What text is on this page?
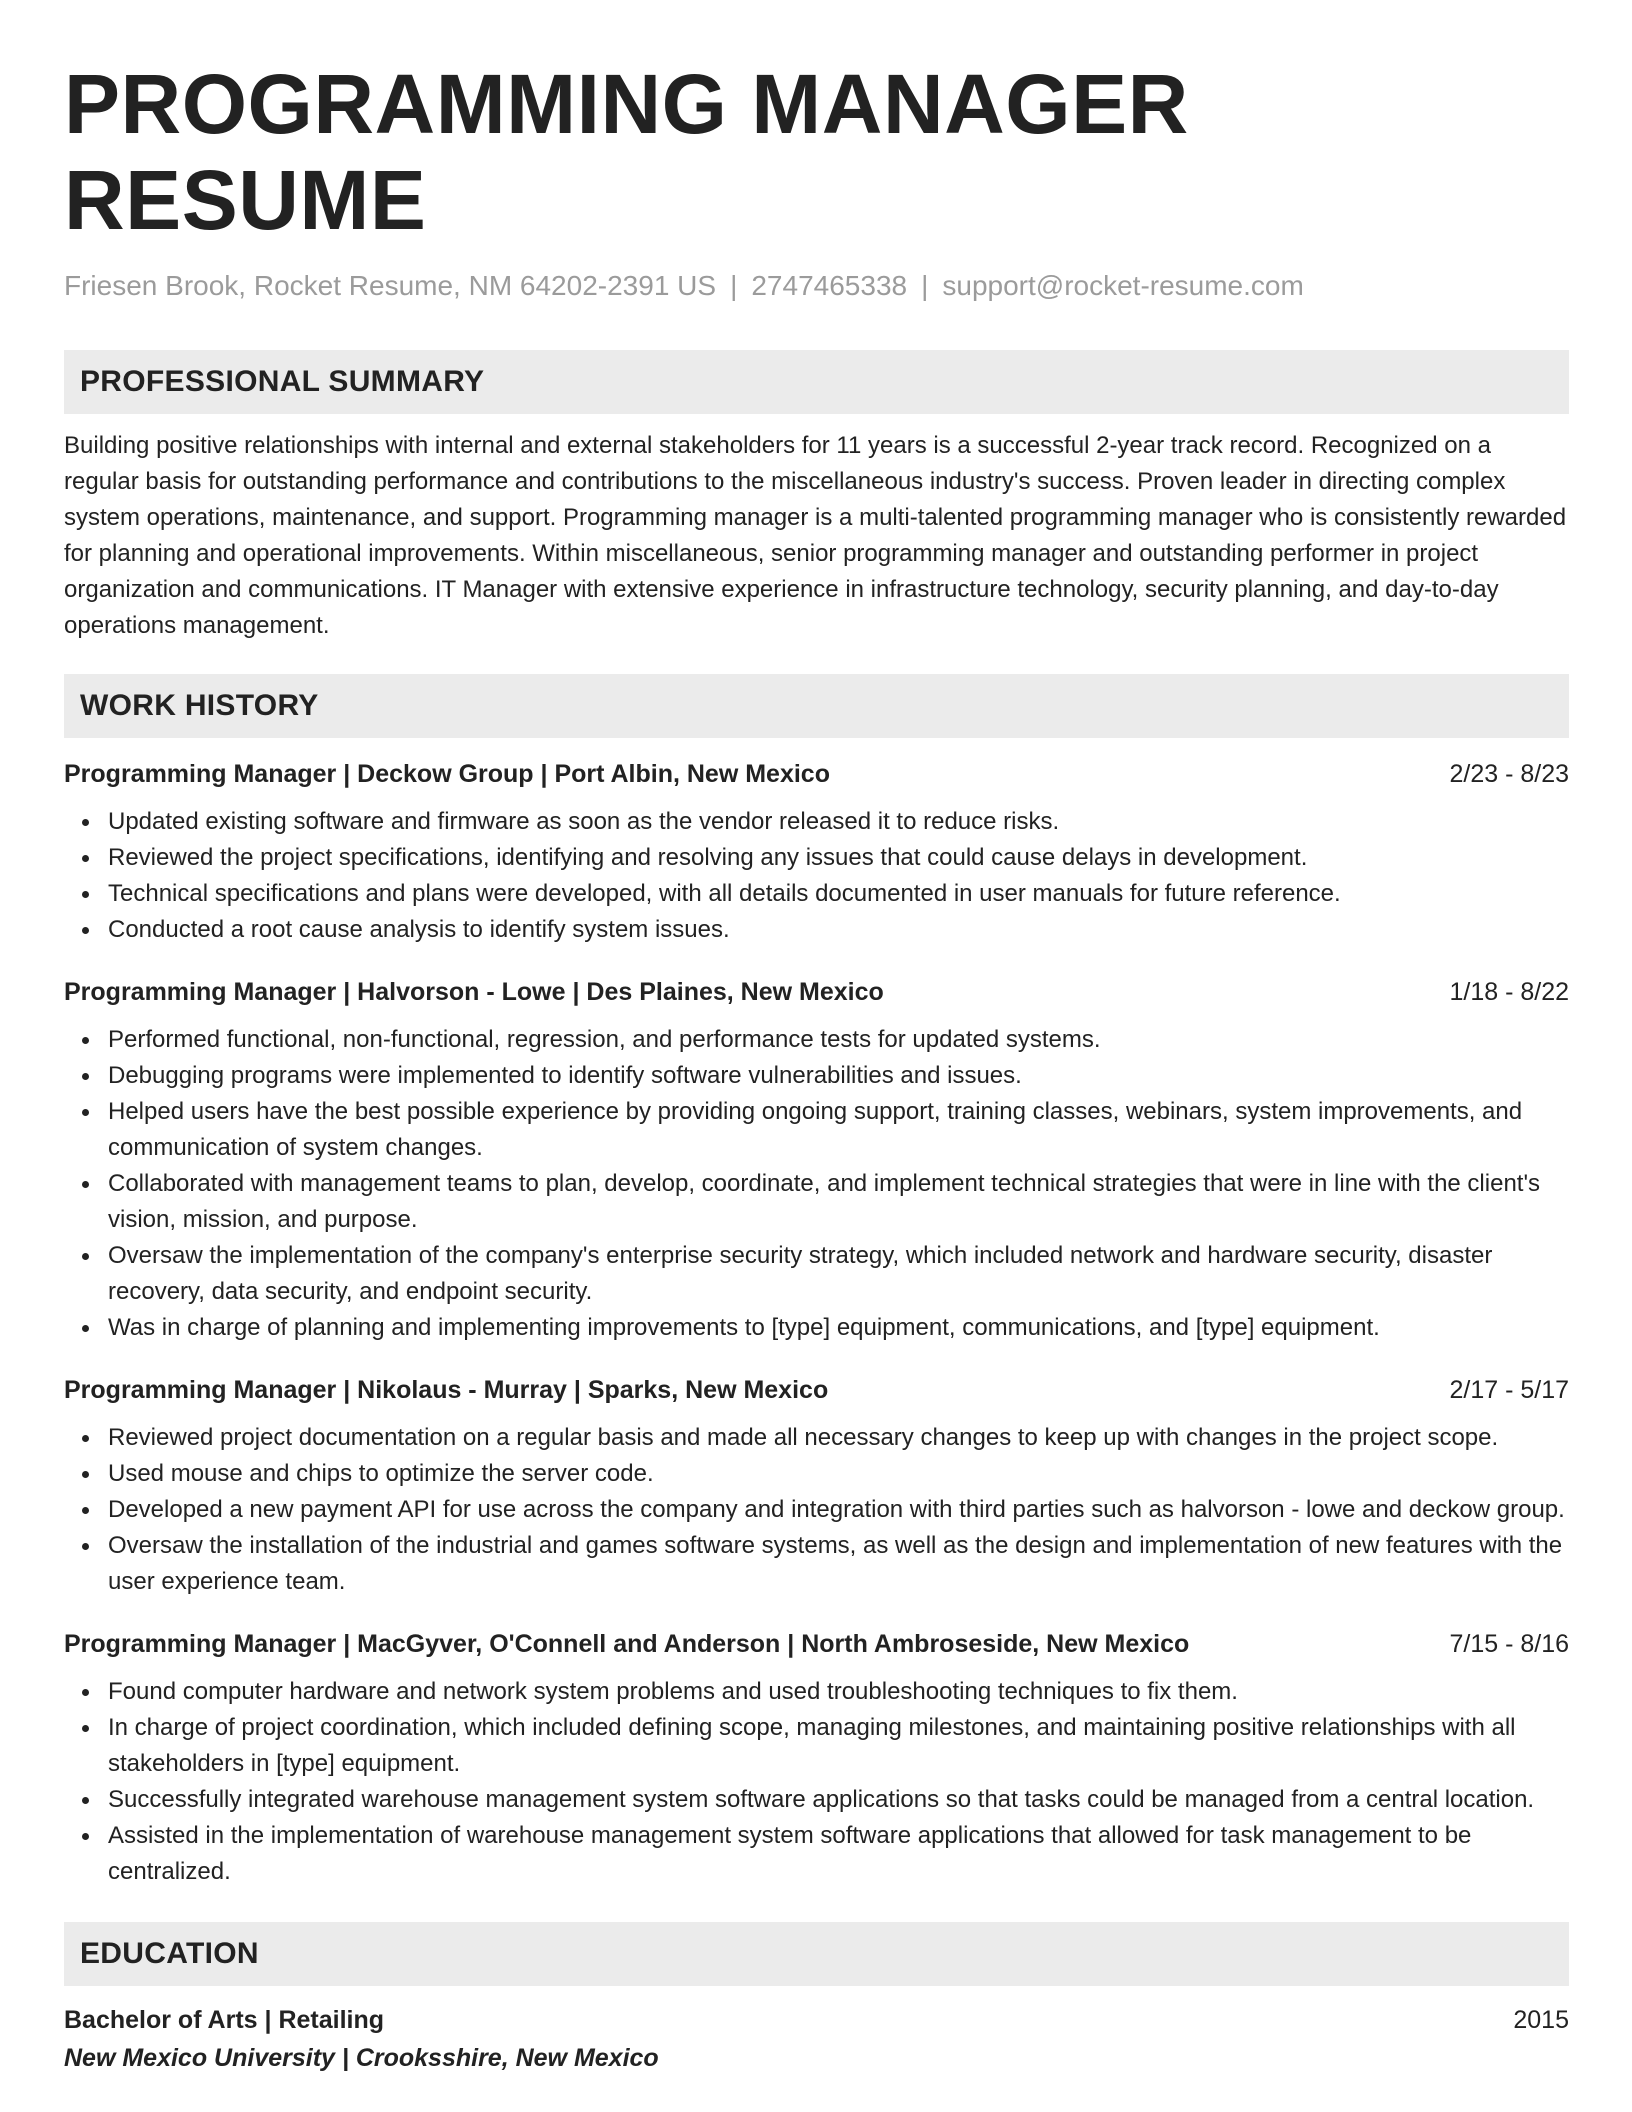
PROGRAMMING MANAGER RESUME
Friesen Brook, Rocket Resume, NM 64202-2391 US | 2747465338 | support@rocket-resume.com
PROFESSIONAL SUMMARY
Building positive relationships with internal and external stakeholders for 11 years is a successful 2-year track record. Recognized on a regular basis for outstanding performance and contributions to the miscellaneous industry's success. Proven leader in directing complex system operations, maintenance, and support. Programming manager is a multi-talented programming manager who is consistently rewarded for planning and operational improvements. Within miscellaneous, senior programming manager and outstanding performer in project organization and communications. IT Manager with extensive experience in infrastructure technology, security planning, and day-to-day operations management.
WORK HISTORY
Programming Manager | Deckow Group | Port Albin, New Mexico	2/23 - 8/23
Updated existing software and firmware as soon as the vendor released it to reduce risks.
Reviewed the project specifications, identifying and resolving any issues that could cause delays in development.
Technical specifications and plans were developed, with all details documented in user manuals for future reference.
Conducted a root cause analysis to identify system issues.
Programming Manager | Halvorson - Lowe | Des Plaines, New Mexico	1/18 - 8/22
Performed functional, non-functional, regression, and performance tests for updated systems.
Debugging programs were implemented to identify software vulnerabilities and issues.
Helped users have the best possible experience by providing ongoing support, training classes, webinars, system improvements, and communication of system changes.
Collaborated with management teams to plan, develop, coordinate, and implement technical strategies that were in line with the client's vision, mission, and purpose.
Oversaw the implementation of the company's enterprise security strategy, which included network and hardware security, disaster recovery, data security, and endpoint security.
Was in charge of planning and implementing improvements to [type] equipment, communications, and [type] equipment.
Programming Manager | Nikolaus - Murray | Sparks, New Mexico	2/17 - 5/17
Reviewed project documentation on a regular basis and made all necessary changes to keep up with changes in the project scope.
Used mouse and chips to optimize the server code.
Developed a new payment API for use across the company and integration with third parties such as halvorson - lowe and deckow group.
Oversaw the installation of the industrial and games software systems, as well as the design and implementation of new features with the user experience team.
Programming Manager | MacGyver, O'Connell and Anderson | North Ambroseside, New Mexico	7/15 - 8/16
Found computer hardware and network system problems and used troubleshooting techniques to fix them.
In charge of project coordination, which included defining scope, managing milestones, and maintaining positive relationships with all stakeholders in [type] equipment.
Successfully integrated warehouse management system software applications so that tasks could be managed from a central location.
Assisted in the implementation of warehouse management system software applications that allowed for task management to be centralized.
EDUCATION
Bachelor of Arts | Retailing	2015
New Mexico University | Crooksshire, New Mexico
